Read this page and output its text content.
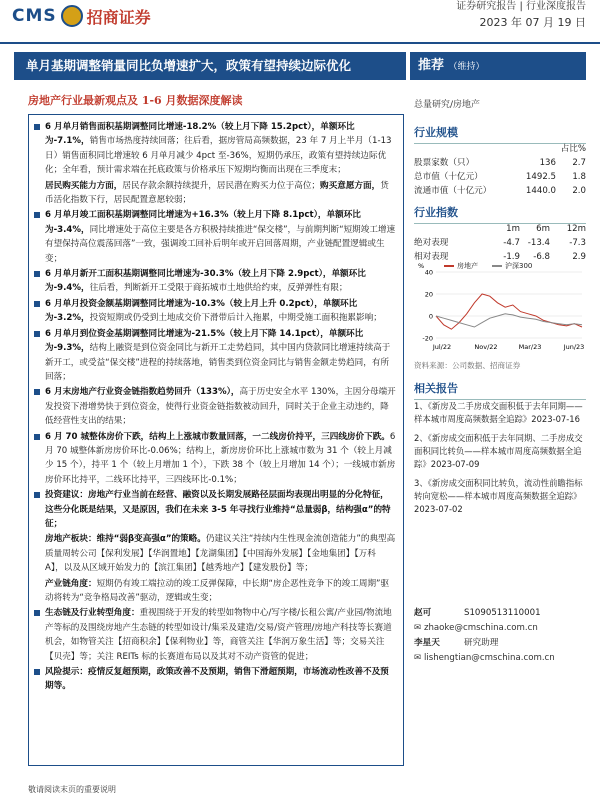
CMS 招商证券
证券研究报告 | 行业深度报告
2023 年 07 月 19 日
单月基期调整销量同比负增速扩大，政策有望持续边际优化
房地产行业最新观点及 1-6 月数据深度解读
推荐 （维持）
总量研究/房地产
6 月单月销售面积基期调整同比增速-18.2%（较上月下降 15.2pct），单额环比为-7.1%，销售市场热度持续回落；往后看，据房管局高频数据，23 年 7 月上半月（1-13 日）销售面积同比增速较 6 月单月减少 4pct 至-36%，短期仍承压，政策有望持续边际优化；全年看，预计需求端在托底政策与价格承压下短期均衡而出现在三季度末；
居民购买能力方面，居民存款余额持续提升，居民潜在购买力位于高位；购买意愿方面，货币活化指数下行，居民配置意愿较弱；
6 月单月竣工面积基期调整同比增速为+16.3%（较上月下降 8.1pct），单额环比为-3.4%，同比增速处于高位主要是各方积极持续推进“保交楼”，与前期判断“短期竣工增速有望保持高位震荡回落”一致，强调竣工回补后明年或开启回落周期，产业链配置逻辑或生变；
6 月单月新开工面积基期调整同比增速为-30.3%（较上月下降 2.9pct），单额环比为-9.4%，往后看，判断新开工受限于商拓城市土地供给约束，反弹弹性有限；
6 月单月投资金额基期调整同比增速为-10.3%（较上月上升 0.2pct），单额环比为-3.2%，投资短期或仍受到土地成交价下滑带后计入拖累，中期受施工面积拖累影响；
6 月单月到位资金基期调整同比增速为-21.5%（较上月下降 14.1pct），单额环比为-9.3%，结构上融资是到位资金同比与新开工走势趋同，其中国内贷款同比增速持续高于新开工，或受益“保交楼”进程的持续落地，销售类到位资金同比与销售金额走势趋同，有所回落；
6 月末房地产行业资金链指数趋势回升（133%），高于历史安全水平 130%，主因分母端开发投资下滑增势快于到位资金，使得行业资金链指数被动回升，同时关于企业主动违约，降低经营性支出的结果；
6 月 70 城整体房价下跌，结构上上涨城市数量回落，一二线房价持平，三四线房价下跌。6 月 70 城整体新房房价环比-0.06%；结构上，新房房价环比上涨城市数为 31 个（较上月减少 15 个），持平 1 个（较上月增加 1 个），下跌 38 个（较上月增加 14 个）；一线城市新房房价环比持平，二线环比持平，三四线环比-0.1%；
投资建议：房地产行业当前在经营、融资以及长期发展路径层面均表现出明显的分化特征，这些分化既是结果，又是原因，我们在未来 3-5 年寻找行业维持“总量弱β，结构强α”的特征；
房地产板块：维持“弱β变高强α”的策略。仍建议关注“持续内生性现金流创造能力”的典型高质量周转公司【保利发展】【华润置地】【龙湖集团】【中国海外发展】【金地集团】【万科 A】，以及从区域开始发力的【滨江集团】【越秀地产】【建发股份】等；
产业链角度：短期仍有竣工端拉动的竣工反弹保障，中长期“房企恶性竞争下的竣工周期”驱动将转为“竞争格局改善”驱动，逻辑或生变；
生态链及行业转型角度：重视围绕于开发的转型如物物中心/写字楼/长租公寓/产业园/物流地产等标的及围绕房地产生态链的转型如设计/集采及建造/交易/资产管理/房地产科技等长赛道机会，如物管关注【招商积余】【保利物业】等，商管关注【华润万象生活】等；交易关注【贝壳】等；关注 REITs 标的长赛道布局以及其对不动产资管的促进；
风险提示：疫情反复超预期，政策改善不及预期，销售下滑超预期，市场流动性改善不及预期等。
行业规模
占比%
股票家数（只）	136	2.7
总市值（十亿元）	1492.5	1.8
流通市值（十亿元）	1440.0	2.0
行业指数
1m	6m	12m
绝对表现	-4.7 -13.4	-7.3
相对表现	-1.9	-6.8	2.9
40
20
0
-20
%
Jul/22	Nov/22	Mar/23	Jun/23
房地产	沪深300
资料来源：公司数据、招商证券
相关报告
1、《新房及二手房成交面积低于去年同期——样本城市周度高频数据全追踪》2023-07-16
2、《新房成交面积低于去年同期、二手房成交面积同比转负——样本城市周度高频数据全追踪》2023-07-09
3、《新房成交面积同比转负，流动性前瞻指标转向宽松——样本城市周度高频数据全追踪》2023-07-02
赵可	S1090513110001
✉ zhaoke@cmschina.com.cn
李星天	研究助理
✉ lishengtian@cmschina.com.cn
敬请阅读末页的重要说明
